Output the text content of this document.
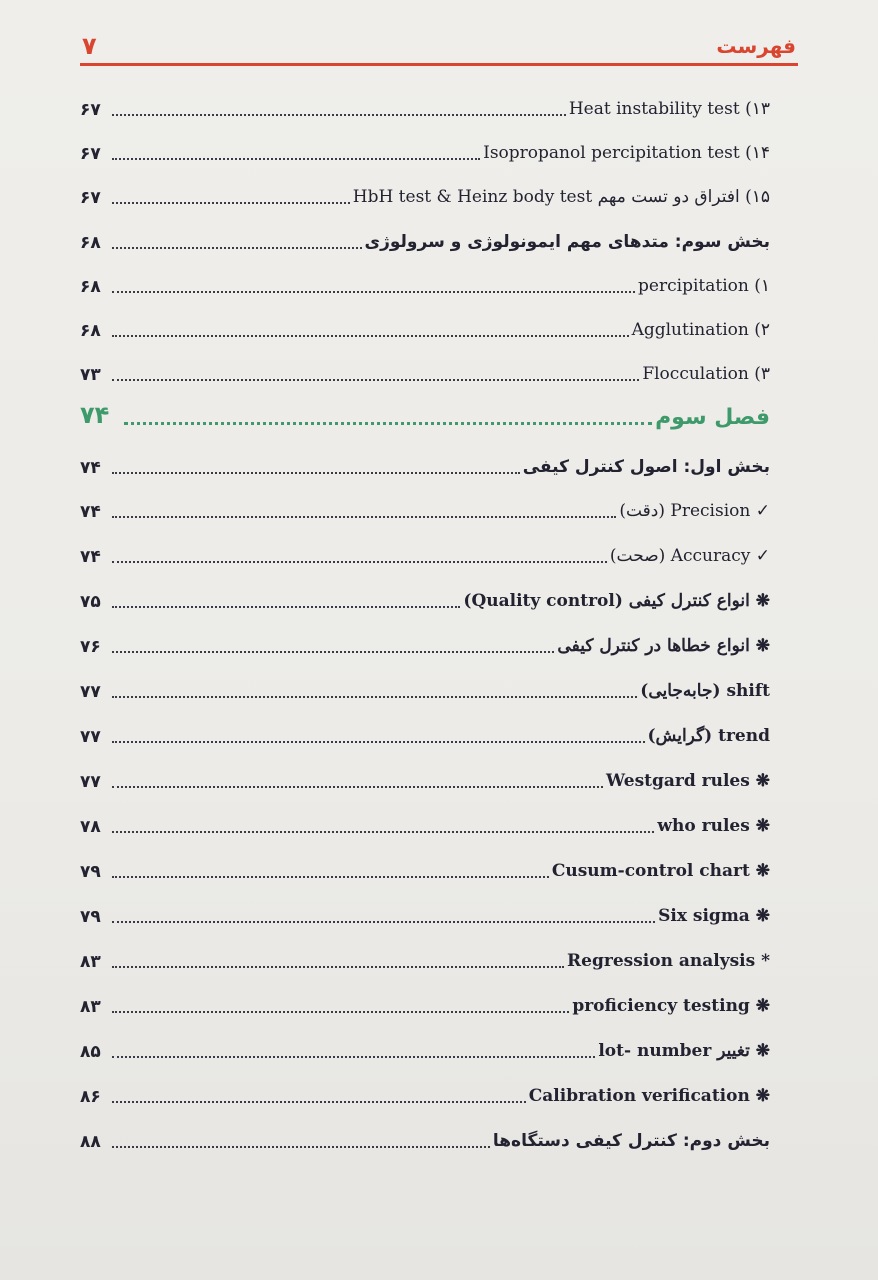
۷	فهرست
۱۳) Heat instability test
۶۷
۱۴) Isopropanol percipitation test
۶۷
۱۵) افتراق دو تست مهم HbH test & Heinz body test
۶۷
بخش سوم: متدهای مهم ایمونولوژی و سرولوژی
۶۸
۱) percipitation
۶۸
۲) Agglutination
۶۸
۳) Flocculation
۷۳
فصل سوم
۷۴
بخش اول: اصول کنترل کیفی
۷۴
✓ Precision (دقت)
۷۴
✓ Accuracy (صحت)
۷۴
❋ انواع کنترل کیفی (Quality control)
۷۵
❋ انواع خطاها در کنترل کیفی
۷۶
shift (جابه‌جایی)
۷۷
trend (گرایش)
۷۷
❋ Westgard rules
۷۷
❋ who rules
۷۸
❋ Cusum-control chart
۷۹
❋ Six sigma
۷۹
* Regression analysis
۸۳
❋ proficiency testing
۸۳
❋ تغییر lot- number
۸۵
❋ Calibration verification
۸۶
بخش دوم: کنترل کیفی دستگاه‌ها
۸۸
